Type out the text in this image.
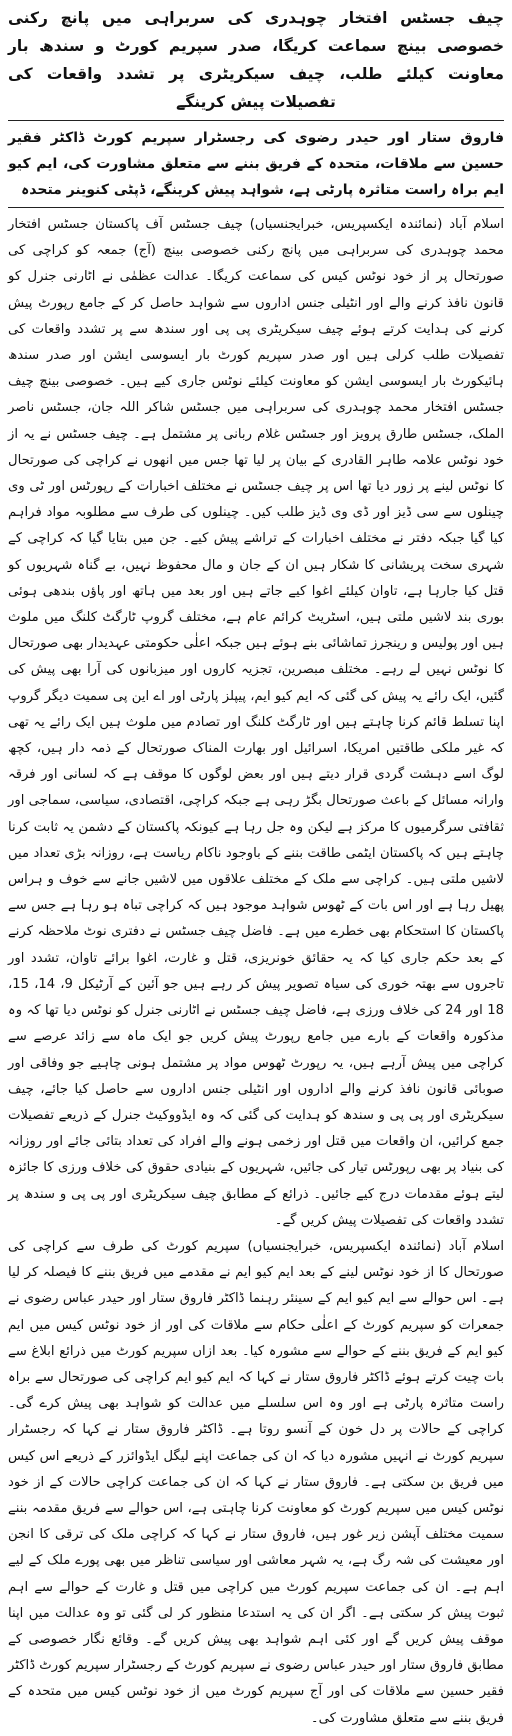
چیف جسٹس افتخار چوہدری کی سربراہی میں پانچ رکنی خصوصی بینچ سماعت کریگا، صدر سپریم کورٹ و سندھ بار معاونت کیلئے طلب، چیف سیکریٹری پر تشدد واقعات کی تفصیلات پیش کرینگے
فاروق ستار اور حیدر رضوی کی رجسٹرار سپریم کورٹ ڈاکٹر فقیر حسین سے ملاقات، متحدہ کے فریق بننے سے متعلق مشاورت کی، ایم کیو ایم براہ راست متاثرہ پارٹی ہے، شواہد پیش کرینگے، ڈپٹی کنوینر متحدہ

اسلام آباد (نمائندہ ایکسپریس، خبرایجنسیاں) چیف جسٹس آف پاکستان جسٹس افتخار محمد چوہدری کی سربراہی میں پانچ رکنی خصوصی بینچ (آج) جمعہ کو کراچی کی صورتحال پر از خود نوٹس کیس کی سماعت کریگا۔ عدالت عظمٰی نے اٹارنی جنرل کو قانون نافذ کرنے والے اور انٹیلی جنس اداروں سے شواہد حاصل کر کے جامع رپورٹ پیش کرنے کی ہدایت کرتے ہوئے چیف سیکریٹری پی پی اور سندھ سے پر تشدد واقعات کی تفصیلات طلب کرلی ہیں اور صدر سپریم کورٹ بار ایسوسی ایشن اور صدر سندھ ہائیکورٹ بار ایسوسی ایشن کو معاونت کیلئے نوٹس جاری کیے ہیں۔ خصوصی بینچ چیف جسٹس افتخار محمد چوہدری کی سربراہی میں جسٹس شاکر اللہ جان، جسٹس ناصر الملک، جسٹس طارق پرویز اور جسٹس غلام ربانی پر مشتمل ہے۔ چیف جسٹس نے یہ از خود نوٹس علامہ طاہر القادری کے بیان پر لیا تھا جس میں انھوں نے کراچی کی صورتحال کا نوٹس لینے پر زور دیا تھا اس پر چیف جسٹس نے مختلف اخبارات کے رپورٹس اور ٹی وی چینلوں سے سی ڈیز اور ڈی وی ڈیز طلب کیں۔ چینلوں کی طرف سے مطلوبہ مواد فراہم کیا گیا جبکہ دفتر نے مختلف اخبارات کے تراشے پیش کیے۔ جن میں بتایا گیا کہ کراچی کے شہری سخت پریشانی کا شکار ہیں ان کے جان و مال محفوظ نہیں، بے گناہ شہریوں کو قتل کیا جارہا ہے، تاوان کیلئے اغوا کیے جاتے ہیں اور بعد میں ہاتھ اور پاؤں بندھی ہوئی بوری بند لاشیں ملتی ہیں، اسٹریٹ کرائم عام ہے، مختلف گروپ ٹارگٹ کلنگ میں ملوث ہیں اور پولیس و رینجرز تماشائی بنے ہوئے ہیں جبکہ اعلٰی حکومتی عہدیدار بھی صورتحال کا نوٹس نہیں لے رہے۔ مختلف مبصرین، تجزیہ کاروں اور میزبانوں کی آرا بھی پیش کی گئیں، ایک رائے یہ پیش کی گئی کہ ایم کیو ایم، پیپلز پارٹی اور اے این پی سمیت دیگر گروپ اپنا تسلط قائم کرنا چاہتے ہیں اور ٹارگٹ کلنگ اور تصادم میں ملوث ہیں ایک رائے یہ تھی کہ غیر ملکی طاقتیں امریکا، اسرائیل اور بھارت المناک صورتحال کے ذمہ دار ہیں، کچھ لوگ اسے دہشت گردی قرار دیتے ہیں اور بعض لوگوں کا موقف ہے کہ لسانی اور فرقہ وارانہ مسائل کے باعث صورتحال بگڑ رہی ہے جبکہ کراچی، اقتصادی، سیاسی، سماجی اور ثقافتی سرگرمیوں کا مرکز ہے لیکن وہ جل رہا ہے کیونکہ پاکستان کے دشمن یہ ثابت کرنا چاہتے ہیں کہ پاکستان ایٹمی طاقت بننے کے باوجود ناکام ریاست ہے، روزانہ بڑی تعداد میں لاشیں ملتی ہیں۔ کراچی سے ملک کے مختلف علاقوں میں لاشیں جانے سے خوف و ہراس پھیل رہا ہے اور اس بات کے ٹھوس شواہد موجود ہیں کہ کراچی تباہ ہو رہا ہے جس سے پاکستان کا استحکام بھی خطرے میں ہے۔ فاضل چیف جسٹس نے دفتری نوٹ ملاحظہ کرنے کے بعد حکم جاری کیا کہ یہ حقائق خونریزی، قتل و غارت، اغوا برائے تاوان، تشدد اور تاجروں سے بھتہ خوری کی سیاہ تصویر پیش کر رہے ہیں جو آئین کے آرٹیکل 9، 14، 15، 18 اور 24 کی خلاف ورزی ہے، فاضل چیف جسٹس نے اٹارنی جنرل کو نوٹس دیا تھا کہ وہ مذکورہ واقعات کے بارے میں جامع رپورٹ پیش کریں جو ایک ماہ سے زائد عرصے سے کراچی میں پیش آرہے ہیں، یہ رپورٹ ٹھوس مواد پر مشتمل ہونی چاہیے جو وفاقی اور صوبائی قانون نافذ کرنے والے اداروں اور انٹیلی جنس اداروں سے حاصل کیا جائے، چیف سیکریٹری اور پی پی و سندھ کو ہدایت کی گئی کہ وہ ایڈووکیٹ جنرل کے ذریعے تفصیلات جمع کرائیں، ان واقعات میں قتل اور زخمی ہونے والے افراد کی تعداد بتائی جائے اور روزانہ کی بنیاد پر بھی رپورٹس تیار کی جائیں، شہریوں کے بنیادی حقوق کی خلاف ورزی کا جائزہ لیتے ہوئے مقدمات درج کیے جائیں۔ ذرائع کے مطابق چیف سیکریٹری اور پی پی و سندھ پر تشدد واقعات کی تفصیلات پیش کریں گے۔

اسلام آباد (نمائندہ ایکسپریس، خبرایجنسیاں) سپریم کورٹ کی طرف سے کراچی کی صورتحال کا از خود نوٹس لینے کے بعد ایم کیو ایم نے مقدمے میں فریق بننے کا فیصلہ کر لیا ہے۔ اس حوالے سے ایم کیو ایم کے سینئر رہنما ڈاکٹر فاروق ستار اور حیدر عباس رضوی نے جمعرات کو سپریم کورٹ کے اعلٰی حکام سے ملاقات کی اور از خود نوٹس کیس میں ایم کیو ایم کے فریق بننے کے حوالے سے مشورہ کیا۔ بعد ازاں سپریم کورٹ میں ذرائع ابلاغ سے بات چیت کرتے ہوئے ڈاکٹر فاروق ستار نے کہا کہ ایم کیو ایم کراچی کی صورتحال سے براہ راست متاثرہ پارٹی ہے اور وہ اس سلسلے میں عدالت کو شواہد بھی پیش کرے گی۔ کراچی کے حالات پر دل خون کے آنسو روتا ہے۔ ڈاکٹر فاروق ستار نے کہا کہ رجسٹرار سپریم کورٹ نے انہیں مشورہ دیا کہ ان کی جماعت اپنے لیگل ایڈوائزر کے ذریعے اس کیس میں فریق بن سکتی ہے۔ فاروق ستار نے کہا کہ ان کی جماعت کراچی حالات کے از خود نوٹس کیس میں سپریم کورٹ کو معاونت کرنا چاہتی ہے، اس حوالے سے فریق مقدمہ بننے سمیت مختلف آپشن زیر غور ہیں، فاروق ستار نے کہا کہ کراچی ملک کی ترقی کا انجن اور معیشت کی شہ رگ ہے، یہ شہر معاشی اور سیاسی تناظر میں بھی پورے ملک کے لیے اہم ہے۔ ان کی جماعت سپریم کورٹ میں کراچی میں قتل و غارت کے حوالے سے اہم ثبوت پیش کر سکتی ہے۔ اگر ان کی یہ استدعا منظور کر لی گئی تو وہ عدالت میں اپنا موقف پیش کریں گے اور کئی اہم شواہد بھی پیش کریں گے۔ وقائع نگار خصوصی کے مطابق فاروق ستار اور حیدر عباس رضوی نے سپریم کورٹ کے رجسٹرار سپریم کورٹ ڈاکٹر فقیر حسین سے ملاقات کی اور آج سپریم کورٹ میں از خود نوٹس کیس میں متحدہ کے فریق بننے سے متعلق مشاورت کی۔
